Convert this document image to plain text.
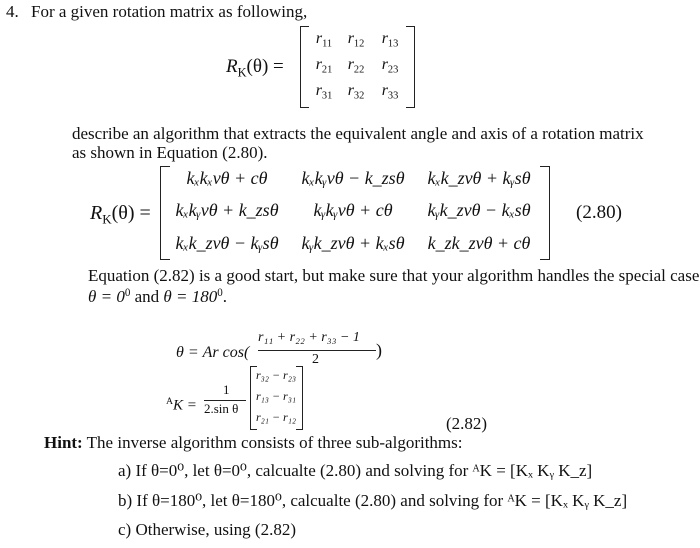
4. For a given rotation matrix as following,
$R_K(\theta)$ =
$r_{11}$ $r_{12}$	$r_{13}$
$r_{21}$ $r_{22}$	$r_{23}$
$r_{31}$ $r_{32}$	$r_{33}$
describe an algorithm that extracts the equivalent angle and axis of a rotation matrix
as shown in Equation (2.80).
$R_K(\theta)$ =
kₓkₓvθ + cθ	kₓkᵧvθ − k_zsθ	kₓk_zvθ + kᵧsθ
kₓkᵧvθ + k_zsθ	kᵧkᵧvθ + cθ	kᵧk_zvθ − kₓsθ
kₓk_zvθ − kᵧsθ	kᵧk_zvθ + kₓsθ	k_zk_zvθ + cθ
(2.80)
Equation (2.82) is a good start, but make sure that your algorithm handles the special case
$\theta = 0^0$ and $\theta = 180^0$.
θ = Ar cos(
r₁₁ + r₂₂ + r₃₃ − 1
2	)
$^A$K =
1
2.sin θ
r₃₂ − r₂₃
r₁₃ − r₃₁
r₂₁ − r₁₂	(2.82)
Hint: The inverse algorithm consists of three sub-algorithms:
a) If θ=0⁰, let θ=0⁰, calcualte (2.80) and solving for ᴬK = [Kₓ Kᵧ K_z]
b) If θ=180⁰, let θ=180⁰, calcualte (2.80) and solving for ᴬK = [Kₓ Kᵧ K_z]
c) Otherwise, using (2.82)
